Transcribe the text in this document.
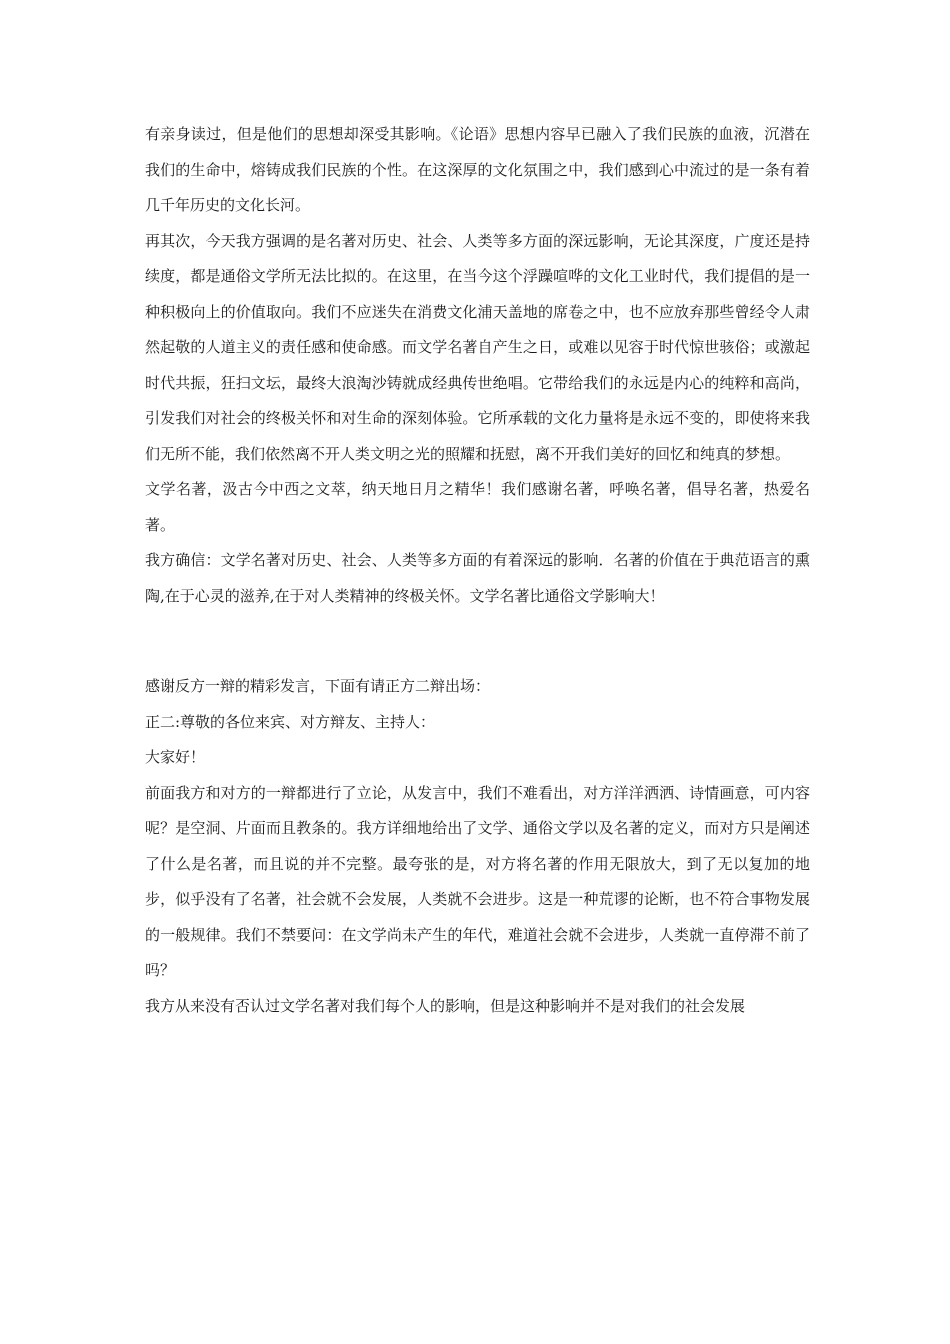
有亲身读过，但是他们的思想却深受其影响。《论语》思想内容早已融入了我们民族的血液，沉潜在我们的生命中，熔铸成我们民族的个性。在这深厚的文化氛围之中，我们感到心中流过的是一条有着几千年历史的文化长河。

再其次，今天我方强调的是名著对历史、社会、人类等多方面的深远影响，无论其深度，广度还是持续度，都是通俗文学所无法比拟的。在这里，在当今这个浮躁喧哗的文化工业时代，我们提倡的是一种积极向上的价值取向。我们不应迷失在消费文化浦天盖地的席卷之中，也不应放弃那些曾经令人肃然起敬的人道主义的责任感和使命感。而文学名著自产生之日，或难以见容于时代惊世骇俗；或激起时代共振，狂扫文坛，最终大浪淘沙铸就成经典传世绝唱。它带给我们的永远是内心的纯粹和高尚，引发我们对社会的终极关怀和对生命的深刻体验。它所承载的文化力量将是永远不变的，即使将来我们无所不能，我们依然离不开人类文明之光的照耀和抚慰，离不开我们美好的回忆和纯真的梦想。

文学名著，汲古今中西之文萃，纳天地日月之精华！我们感谢名著，呼唤名著，倡导名著，热爱名著。

我方确信：文学名著对历史、社会、人类等多方面的有着深远的影响．名著的价值在于典范语言的熏陶,在于心灵的滋养,在于对人类精神的终极关怀。文学名著比通俗文学影响大！

感谢反方一辩的精彩发言，下面有请正方二辩出场：

正二:尊敬的各位来宾、对方辩友、主持人：

大家好！

前面我方和对方的一辩都进行了立论，从发言中，我们不难看出，对方洋洋洒洒、诗情画意，可内容呢？是空洞、片面而且教条的。我方详细地给出了文学、通俗文学以及名著的定义，而对方只是阐述了什么是名著，而且说的并不完整。最夸张的是，对方将名著的作用无限放大，到了无以复加的地步，似乎没有了名著，社会就不会发展，人类就不会进步。这是一种荒谬的论断，也不符合事物发展的一般规律。我们不禁要问：在文学尚未产生的年代，难道社会就不会进步，人类就一直停滞不前了吗？

我方从来没有否认过文学名著对我们每个人的影响，但是这种影响并不是对我们的社会发展
